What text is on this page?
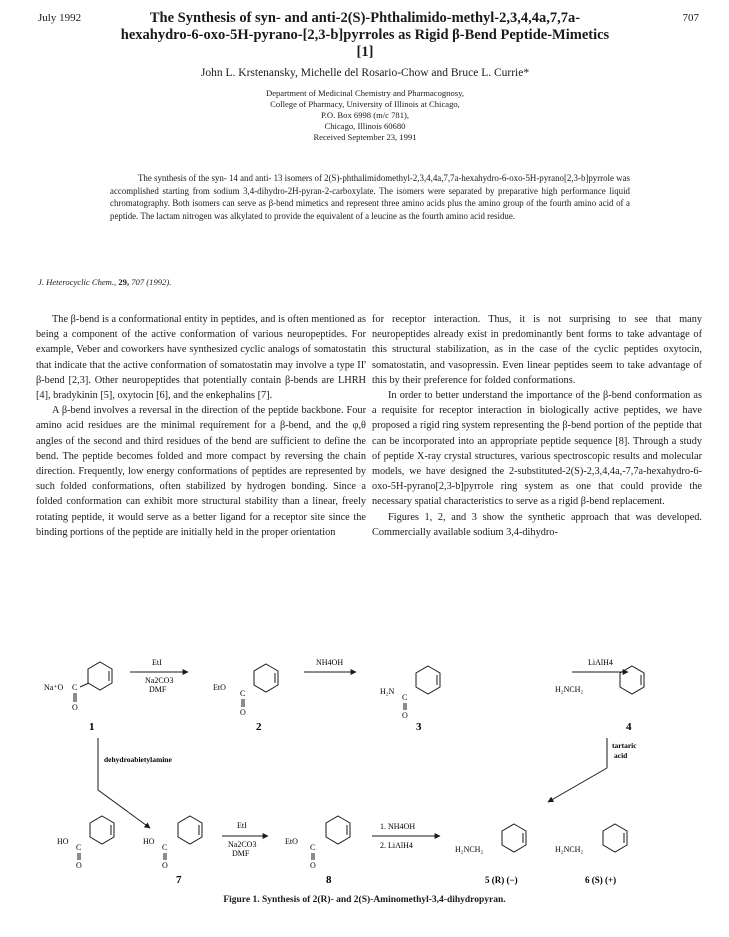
July 1992	707
The Synthesis of syn- and anti-2(S)-Phthalimido-methyl-2,3,4,4a,7,7a-hexahydro-6-oxo-5H-pyrano-[2,3-b]pyrroles as Rigid β-Bend Peptide-Mimetics [1]
John L. Krstenansky, Michelle del Rosario-Chow and Bruce L. Currie*
Department of Medicinal Chemistry and Pharmacognosy,
College of Pharmacy, University of Illinois at Chicago,
P.O. Box 6998 (m/c 781),
Chicago, Illinois 60680
Received September 23, 1991
The synthesis of the syn- 14 and anti- 13 isomers of 2(S)-phthalimidomethyl-2,3,4,4a,7,7a-hexahydro-6-oxo-5H-pyrano[2,3-b]pyrrole was accomplished starting from sodium 3,4-dihydro-2H-pyran-2-carboxylate. The isomers were separated by preparative high performance liquid chromatography. Both isomers can serve as β-bend mimetics and represent three amino acids plus the amino group of the fourth amino acid of a peptide. The lactam nitrogen was alkylated to provide the equivalent of a leucine as the fourth amino acid residue.
J. Heterocyclic Chem., 29, 707 (1992).

The β-bend is a conformational entity in peptides, and is often mentioned as being a component of the active conformation of various neuropeptides. For example, Veber and coworkers have synthesized cyclic analogs of somatostatin that indicate that the active conformation of somatostatin may involve a type II' β-bend [2,3]. Other neuropeptides that potentially contain β-bends are LHRH [4], bradykinin [5], oxytocin [6], and the enkephalins [7].

A β-bend involves a reversal in the direction of the peptide backbone. Four amino acid residues are the minimal requirement for a β-bend, and the φ,θ angles of the second and third residues of the bend are sufficient to define the bend. The peptide becomes folded and more compact by reversing the chain direction. Frequently, low energy conformations of peptides are represented by such folded conformations, often stabilized by hydrogen bonding. Since a folded conformation can exhibit more structural stability than a linear, freely rotating peptide, it would serve as a better ligand for a receptor site since the binding portions of the peptide are initially held in the proper orientation

for receptor interaction. Thus, it is not surprising to see that many neuropeptides already exist in predominantly bent forms to take advantage of this structural stabilization, as in the case of the cyclic peptides oxytocin, somatostatin, and vasopressin. Even linear peptides seem to take advantage of this by their preference for folded conformations.

In order to better understand the importance of the β-bend conformation as a requisite for receptor interaction in biologically active peptides, we have proposed a rigid ring system representing the β-bend portion of the peptide that can be incorporated into an appropriate peptide sequence [8]. Through a study of peptide X-ray crystal structures, various spectroscopic results and molecular models, we have designed the 2-substituted-2(S)-2,3,4,4a,-7,7a-hexahydro-6-oxo-5H-pyrano[2,3-b]pyrrole ring system as one that could provide the necessary spatial characteristics to serve as a rigid β-bend replacement.

Figures 1, 2, and 3 show the synthetic approach that was developed. Commercially available sodium 3,4-dihydro-

Na⁺O C
O
1
EtI
Na2CO3
DMF	EtO
C
O
2
NH4OH
H₂N
C
O
3
LiAlH4
H₂NCH₂
4
dehydroabietylamine
tartaric
acid
HO
C
O
HO
C
O
7
EtI
Na2CO3
DMF
EtO
C
O
8
1. NH4OH
2. LiAlH4	H₂NCH₂
5 (R) (−)
H₂NCH₂
6 (S) (+)
Figure 1. Synthesis of 2(R)- and 2(S)-Aminomethyl-3,4-dihydropyran.
